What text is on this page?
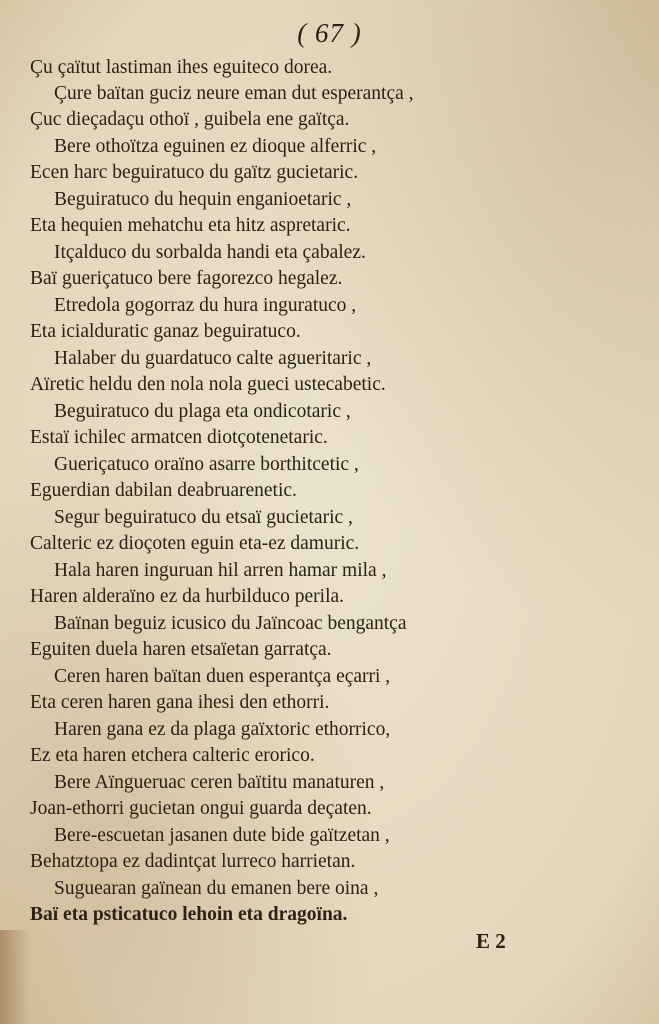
( 67 )
Çu çaïtut lastiman ihes eguiteco dorea.
Çure baïtan guciz neure eman dut esperantça ,
Çuc dieçadaçu othoï , guibela ene gaïtça.
Bere othoïtza eguinen ez dioque alferric ,
Ecen harc beguiratuco du gaïtz gucietaric.
Beguiratuco du hequin enganioetaric ,
Eta hequien mehatchu eta hitz aspretaric.
Itçalduco du sorbalda handi eta çabalez.
Baï gueriçatuco bere fagorezco hegalez.
Etredola gogorraz du hura inguratuco ,
Eta icialduratic ganaz beguiratuco.
Halaber du guardatuco calte agueritaric ,
Aïretic heldu den nola nola gueci ustecabetic.
Beguiratuco du plaga eta ondicotaric ,
Estaï ichilec armatcen diotçotenetaric.
Gueriçatuco oraïno asarre borthitcetic ,
Eguerdian dabilan deabruarenetic.
Segur beguiratuco du etsaï gucietaric ,
Calteric ez dioçoten eguin eta-ez damuric.
Hala haren inguruan hil arren hamar mila ,
Haren alderaïno ez da hurbilduco perila.
Baïnan beguiz icusico du Jaïncoac bengantça
Eguiten duela haren etsaïetan garratça.
Ceren haren baïtan duen esperantça eçarri ,
Eta ceren haren gana ihesi den ethorri.
Haren gana ez da plaga gaïxtoric ethorrico,
Ez eta haren etchera calteric erorico.
Bere Aïngueruac ceren baïtitu manaturen ,
Joan-ethorri gucietan ongui guarda deçaten.
Bere-escuetan jasanen dute bide gaïtzetan ,
Behatztopa ez dadintçat lurreco harrietan.
Suguearan gaïnean du emanen bere oina ,
Baï eta psticatuco lehoin eta dragoïna.
E 2
